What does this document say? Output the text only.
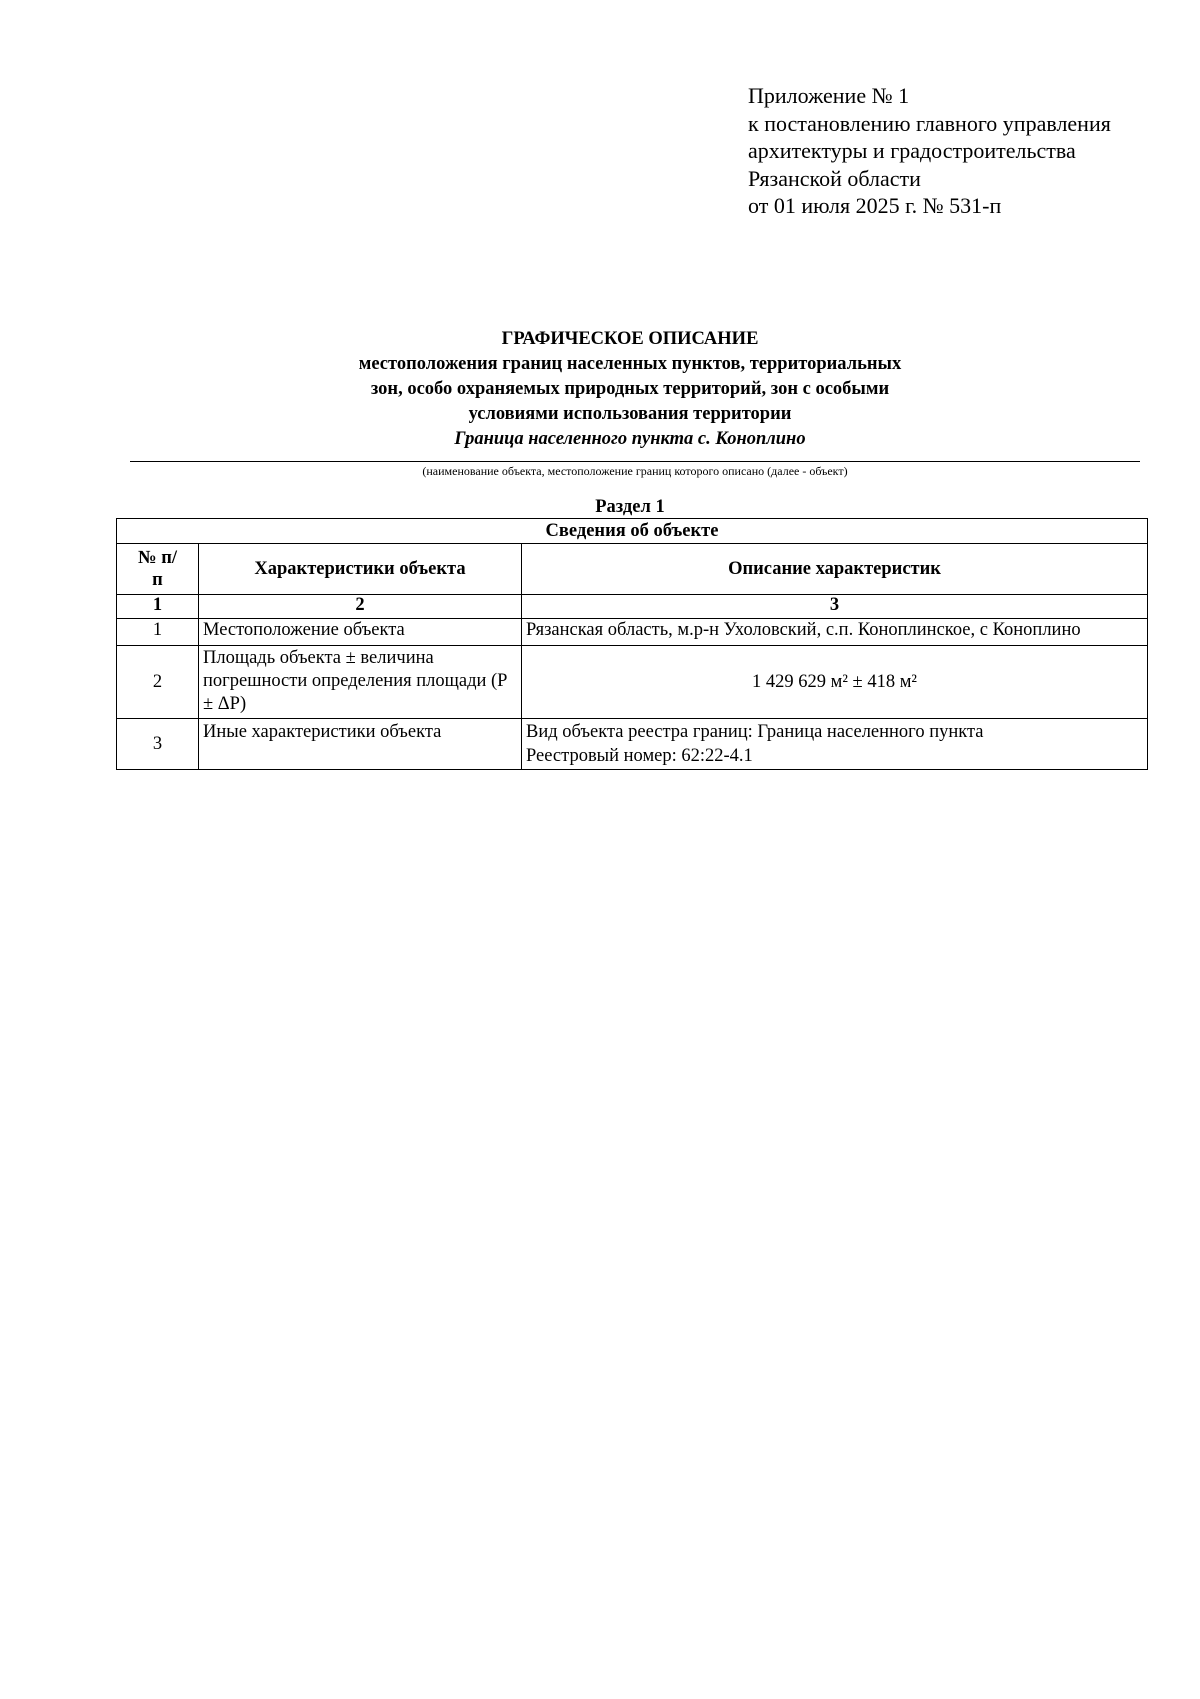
Приложение № 1
к постановлению главного управления
архитектуры и градостроительства
Рязанской области
от 01 июля 2025 г. № 531-п
ГРАФИЧЕСКОЕ ОПИСАНИЕ
местоположения границ населенных пунктов, территориальных
зон, особо охраняемых природных территорий, зон с особыми
условиями использования территории
Граница населенного пункта с. Коноплино
(наименование объекта, местоположение границ которого описано (далее - объект)
Раздел 1
Сведения об объекте		

№ п/п	Характеристики объекта	Описание характеристик
1	2	3
1	Местоположение объекта	Рязанская область, м.р-н Ухоловский, с.п. Коноплинское, с Коноплино
2	Площадь объекта ± величина погрешности определения площади (P ± ΔP)	1 429 629 м² ± 418 м²
3	Иные характеристики объекта	Вид объекта реестра границ: Граница населенного пункта
Реестровый номер: 62:22-4.1
